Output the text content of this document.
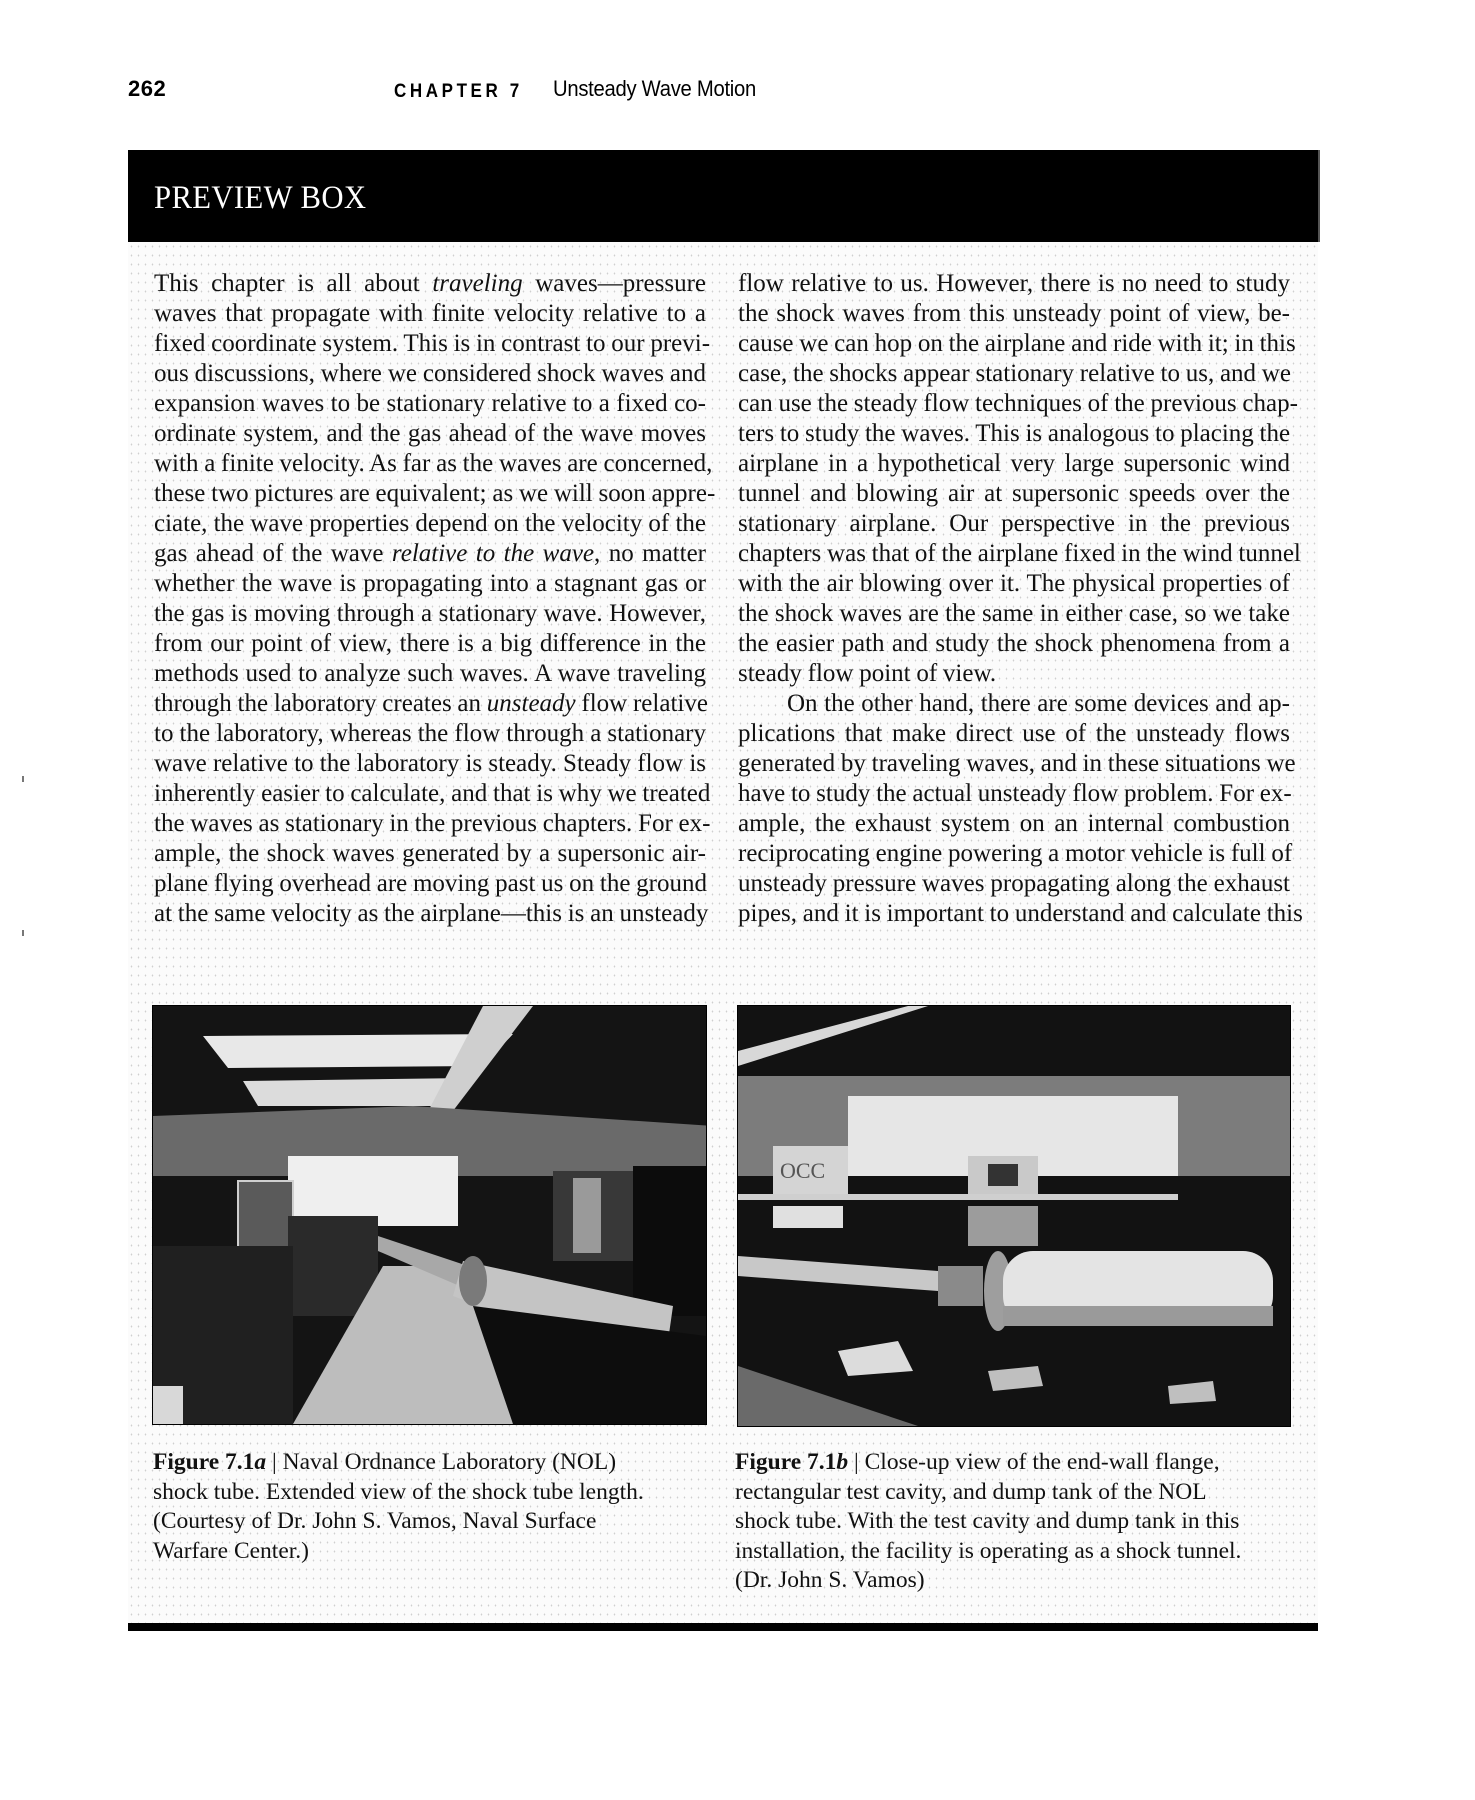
262	CHAPTER 7 Unsteady Wave Motion
PREVIEW BOX
This chapter is all about traveling waves—pressure
waves that propagate with finite velocity relative to a
fixed coordinate system. This is in contrast to our previ-
ous discussions, where we considered shock waves and
expansion waves to be stationary relative to a fixed co-
ordinate system, and the gas ahead of the wave moves
with a finite velocity. As far as the waves are concerned,
these two pictures are equivalent; as we will soon appre-
ciate, the wave properties depend on the velocity of the
gas ahead of the wave relative to the wave, no matter
whether the wave is propagating into a stagnant gas or
the gas is moving through a stationary wave. However,
from our point of view, there is a big difference in the
methods used to analyze such waves. A wave traveling
through the laboratory creates an unsteady flow relative
to the laboratory, whereas the flow through a stationary
wave relative to the laboratory is steady. Steady flow is
inherently easier to calculate, and that is why we treated
the waves as stationary in the previous chapters. For ex-
ample, the shock waves generated by a supersonic air-
plane flying overhead are moving past us on the ground
at the same velocity as the airplane—this is an unsteady
flow relative to us. However, there is no need to study
the shock waves from this unsteady point of view, be-
cause we can hop on the airplane and ride with it; in this
case, the shocks appear stationary relative to us, and we
can use the steady flow techniques of the previous chap-
ters to study the waves. This is analogous to placing the
airplane in a hypothetical very large supersonic wind
tunnel and blowing air at supersonic speeds over the
stationary airplane. Our perspective in the previous
chapters was that of the airplane fixed in the wind tunnel
with the air blowing over it. The physical properties of
the shock waves are the same in either case, so we take
the easier path and study the shock phenomena from a
steady flow point of view.
On the other hand, there are some devices and ap-
plications that make direct use of the unsteady flows
generated by traveling waves, and in these situations we
have to study the actual unsteady flow problem. For ex-
ample, the exhaust system on an internal combustion
reciprocating engine powering a motor vehicle is full of
unsteady pressure waves propagating along the exhaust
pipes, and it is important to understand and calculate this
OCC
Figure 7.1a | Naval Ordnance Laboratory (NOL)
shock tube. Extended view of the shock tube length.
(Courtesy of Dr. John S. Vamos, Naval Surface
Warfare Center.)
Figure 7.1b | Close-up view of the end-wall flange,
rectangular test cavity, and dump tank of the NOL
shock tube. With the test cavity and dump tank in this
installation, the facility is operating as a shock tunnel.
(Dr. John S. Vamos)
